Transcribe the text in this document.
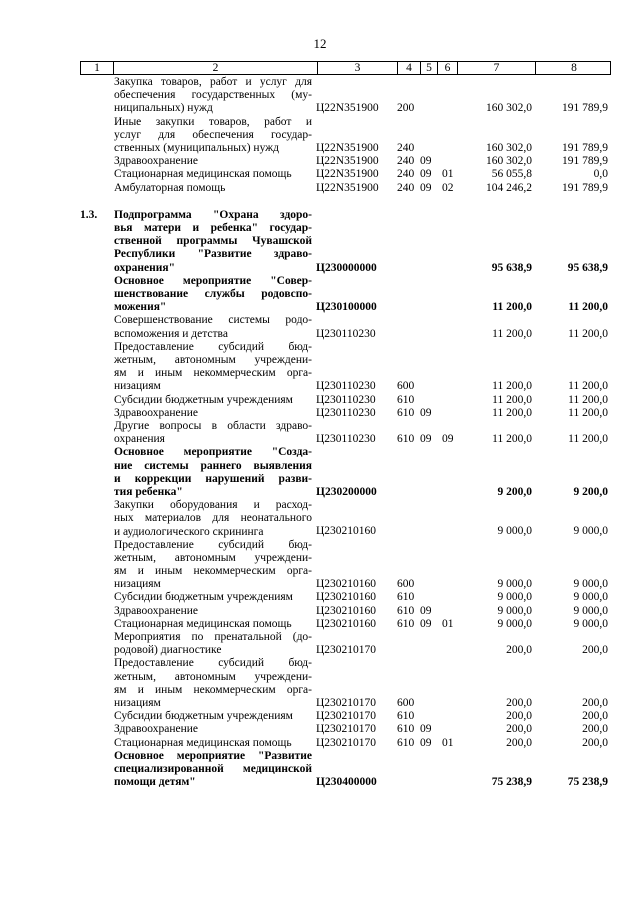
12
1	2	3	4	5	6	7	8
Закупка товаров, работ и услуг для
обеспечения государственных (му-
ниципальных) нужд	Ц22N351900	200	160 302,0	191 789,9
Иные закупки товаров, работ и
услуг для обеспечения государ-
ственных (муниципальных) нужд	Ц22N351900	240	160 302,0	191 789,9
Здравоохранение	Ц22N351900	240 09	160 302,0	191 789,9
Стационарная медицинская помощь	Ц22N351900	240 09 01	56 055,8	0,0
Амбулаторная помощь	Ц22N351900	240 09 02	104 246,2	191 789,9
1.3.	Подпрограмма "Охрана здоро-
вья матери и ребенка" государ-
ственной программы Чувашской
Республики "Развитие здраво-
охранения"	Ц230000000	95 638,9	95 638,9
Основное мероприятие "Совер-
шенствование службы родовспо-
можения"	Ц230100000	11 200,0	11 200,0
Совершенствование системы родо-
вспоможения и детства	Ц230110230	11 200,0	11 200,0
Предоставление субсидий бюд-
жетным, автономным учреждени-
ям и иным некоммерческим орга-
низациям	Ц230110230	600	11 200,0	11 200,0
Субсидии бюджетным учреждениям	Ц230110230	610	11 200,0	11 200,0
Здравоохранение	Ц230110230	610 09	11 200,0	11 200,0
Другие вопросы в области здраво-
охранения	Ц230110230	610 09 09	11 200,0	11 200,0
Основное мероприятие "Созда-
ние системы раннего выявления
и коррекции нарушений разви-
тия ребенка"	Ц230200000	9 200,0	9 200,0
Закупки оборудования и расход-
ных материалов для неонатального
и аудиологического скрининга	Ц230210160	9 000,0	9 000,0
Предоставление субсидий бюд-
жетным, автономным учреждени-
ям и иным некоммерческим орга-
низациям	Ц230210160	600	9 000,0	9 000,0
Субсидии бюджетным учреждениям	Ц230210160	610	9 000,0	9 000,0
Здравоохранение	Ц230210160	610 09	9 000,0	9 000,0
Стационарная медицинская помощь	Ц230210160	610 09 01	9 000,0	9 000,0
Мероприятия по пренатальной (до-
родовой) диагностике	Ц230210170	200,0	200,0
Предоставление субсидий бюд-
жетным, автономным учреждени-
ям и иным некоммерческим орга-
низациям	Ц230210170	600	200,0	200,0
Субсидии бюджетным учреждениям	Ц230210170	610	200,0	200,0
Здравоохранение	Ц230210170	610 09	200,0	200,0
Стационарная медицинская помощь	Ц230210170	610 09 01	200,0	200,0
Основное мероприятие "Развитие
специализированной медицинской
помощи детям"	Ц230400000	75 238,9	75 238,9
